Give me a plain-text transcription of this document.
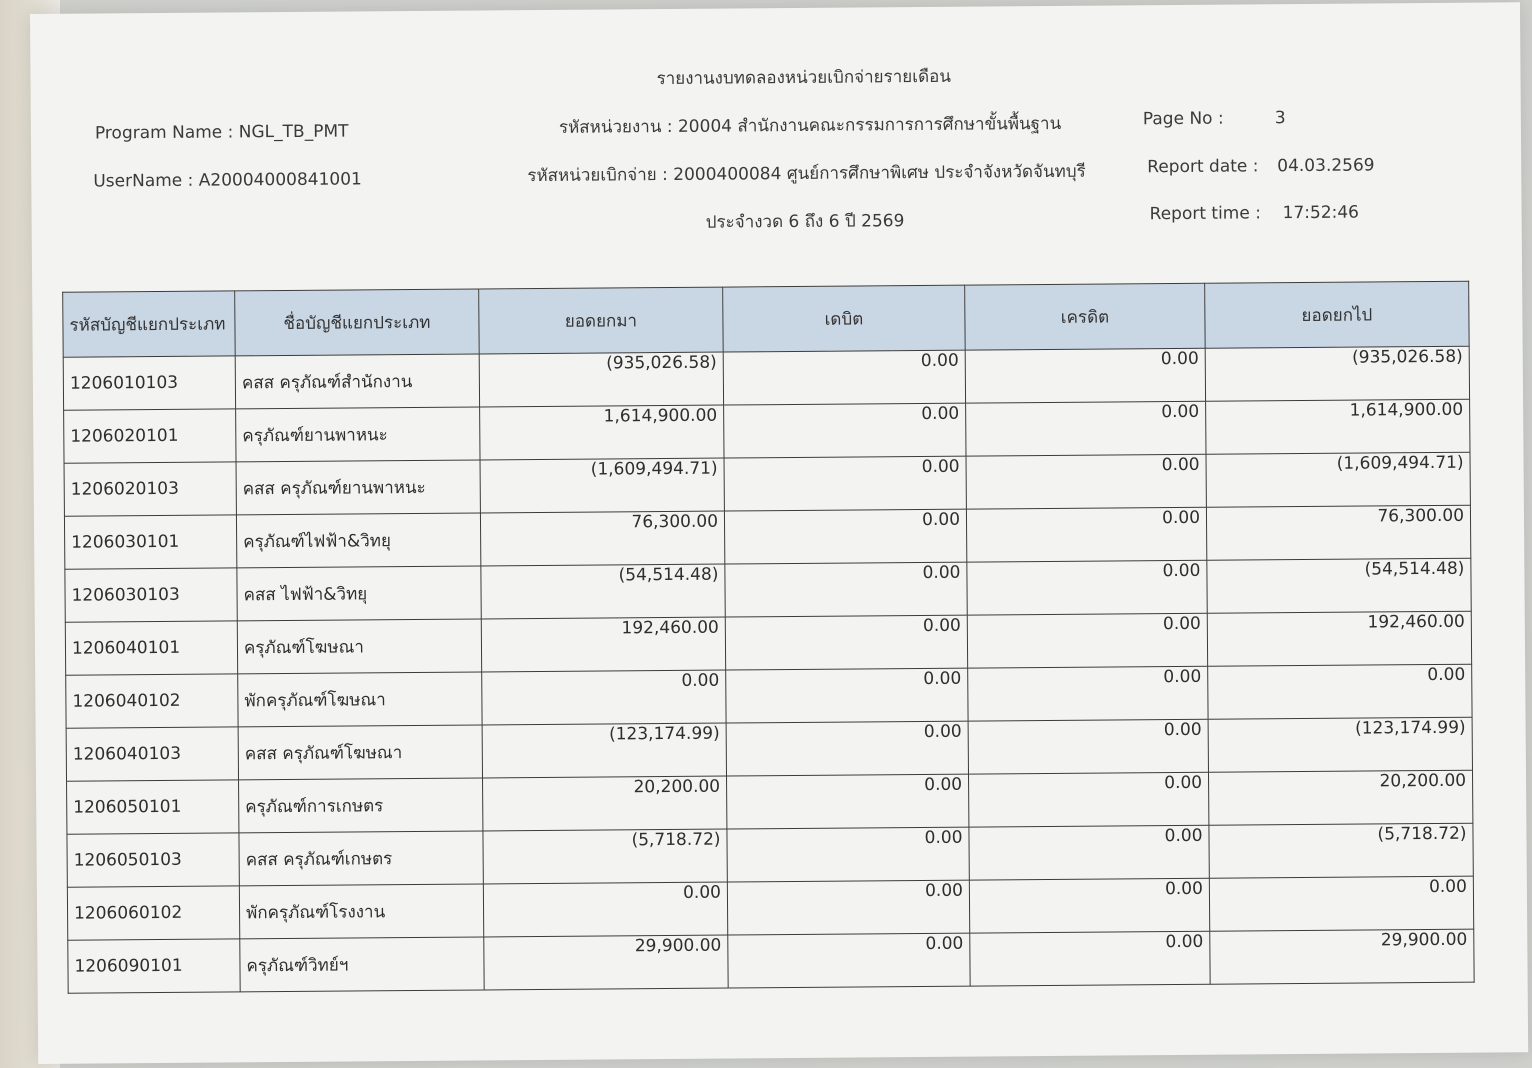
รายงานงบทดลองหน่วยเบิกจ่ายรายเดือน
Program Name : NGL_TB_PMT
UserName : A20004000841001
รหัสหน่วยงาน : 20004 สำนักงานคณะกรรมการการศึกษาขั้นพื้นฐาน
รหัสหน่วยเบิกจ่าย : 2000400084 ศูนย์การศึกษาพิเศษ ประจำจังหวัดจันทบุรี
ประจำงวด 6 ถึง 6 ปี 2569
Page No :	3
Report date : 04.03.2569
Report time : 17:52:46
รหัสบัญชีแยกประเภท	ชื่อบัญชีแยกประเภท	ยอดยกมา	เดบิต	เครดิต	ยอดยกไป
1206010103	คสส ครุภัณฑ์สำนักงาน	(935,026.58)	0.00	0.00	(935,026.58)
1206020101	ครุภัณฑ์ยานพาหนะ	1,614,900.00	0.00	0.00	1,614,900.00
1206020103	คสส ครุภัณฑ์ยานพาหนะ	(1,609,494.71)	0.00	0.00	(1,609,494.71)
1206030101	ครุภัณฑ์ไฟฟ้า&วิทยุ	76,300.00	0.00	0.00	76,300.00
1206030103	คสส ไฟฟ้า&วิทยุ	(54,514.48)	0.00	0.00	(54,514.48)
1206040101	ครุภัณฑ์โฆษณา	192,460.00	0.00	0.00	192,460.00
1206040102	พักครุภัณฑ์โฆษณา	0.00	0.00	0.00	0.00
1206040103	คสส ครุภัณฑ์โฆษณา	(123,174.99)	0.00	0.00	(123,174.99)
1206050101	ครุภัณฑ์การเกษตร	20,200.00	0.00	0.00	20,200.00
1206050103	คสส ครุภัณฑ์เกษตร	(5,718.72)	0.00	0.00	(5,718.72)
1206060102	พักครุภัณฑ์โรงงาน	0.00	0.00	0.00	0.00
1206090101	ครุภัณฑ์วิทย์ฯ	29,900.00	0.00	0.00	29,900.00
